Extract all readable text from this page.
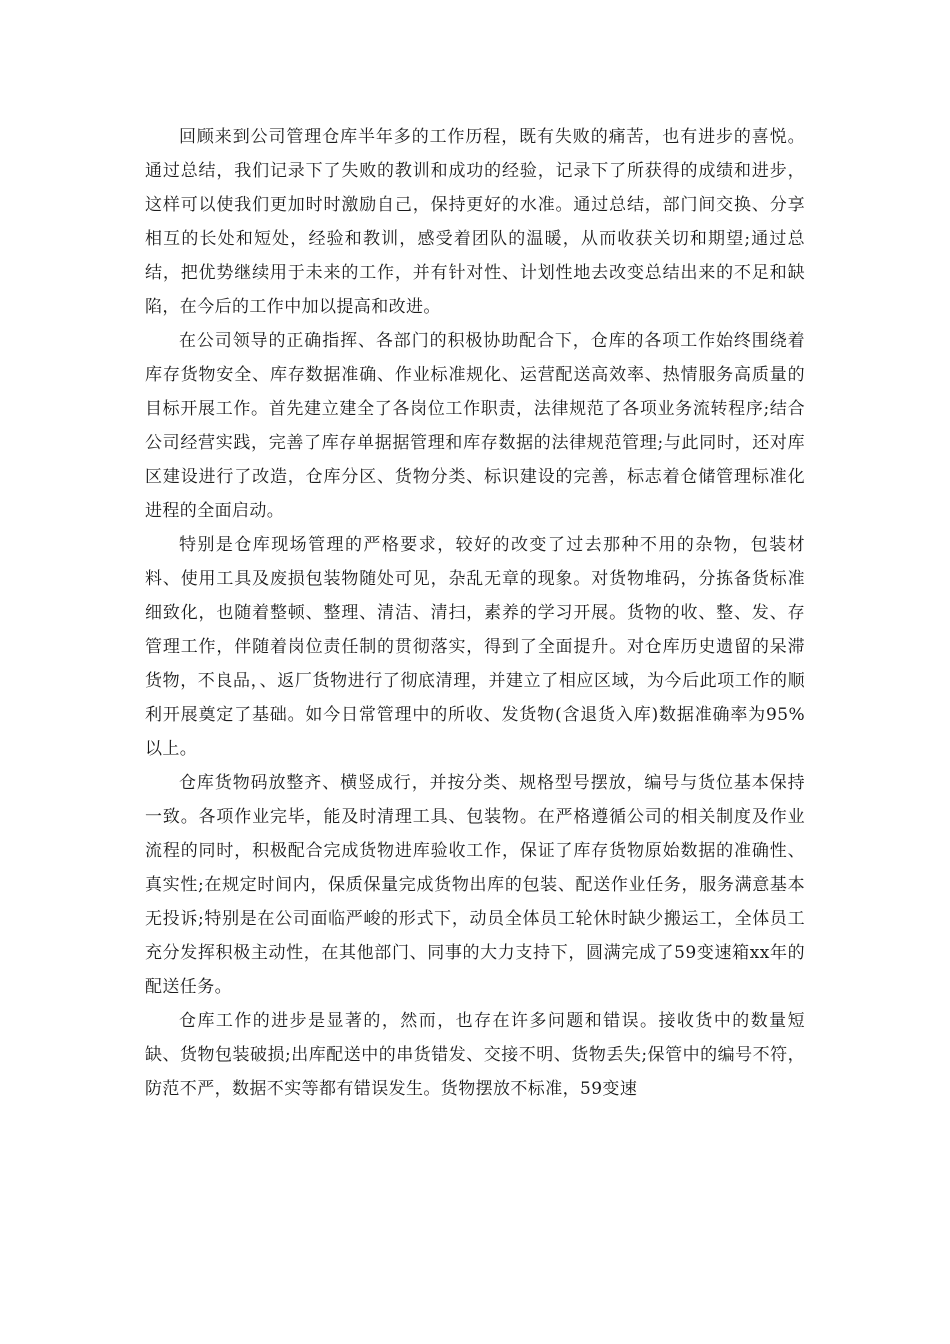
回顾来到公司管理仓库半年多的工作历程，既有失败的痛苦，也有进步的喜悦。通过总结，我们记录下了失败的教训和成功的经验，记录下了所获得的成绩和进步，这样可以使我们更加时时激励自己，保持更好的水准。通过总结，部门间交换、分享相互的长处和短处，经验和教训，感受着团队的温暖，从而收获关切和期望;通过总结，把优势继续用于未来的工作，并有针对性、计划性地去改变总结出来的不足和缺陷，在今后的工作中加以提高和改进。

在公司领导的正确指挥、各部门的积极协助配合下，仓库的各项工作始终围绕着库存货物安全、库存数据准确、作业标准规化、运营配送高效率、热情服务高质量的目标开展工作。首先建立建全了各岗位工作职责，法律规范了各项业务流转程序;结合公司经营实践，完善了库存单据据管理和库存数据的法律规范管理;与此同时，还对库区建设进行了改造，仓库分区、货物分类、标识建设的完善，标志着仓储管理标准化进程的全面启动。

特别是仓库现场管理的严格要求，较好的改变了过去那种不用的杂物，包装材料、使用工具及废损包装物随处可见，杂乱无章的现象。对货物堆码，分拣备货标准细致化，也随着整顿、整理、清洁、清扫，素养的学习开展。货物的收、整、发、存管理工作，伴随着岗位责任制的贯彻落实，得到了全面提升。对仓库历史遗留的呆滞货物，不良品，、返厂货物进行了彻底清理，并建立了相应区域，为今后此项工作的顺利开展奠定了基础。如今日常管理中的所收、发货物(含退货入库)数据准确率为95%以上。

仓库货物码放整齐、横竖成行，并按分类、规格型号摆放，编号与货位基本保持一致。各项作业完毕，能及时清理工具、包装物。在严格遵循公司的相关制度及作业流程的同时，积极配合完成货物进库验收工作，保证了库存货物原始数据的准确性、真实性;在规定时间内，保质保量完成货物出库的包装、配送作业任务，服务满意基本无投诉;特别是在公司面临严峻的形式下，动员全体员工轮休时缺少搬运工，全体员工充分发挥积极主动性，在其他部门、同事的大力支持下，圆满完成了59变速箱xx年的配送任务。

仓库工作的进步是显著的，然而，也存在许多问题和错误。接收货中的数量短缺、货物包装破损;出库配送中的串货错发、交接不明、货物丢失;保管中的编号不符，防范不严，数据不实等都有错误发生。货物摆放不标准，59变速
